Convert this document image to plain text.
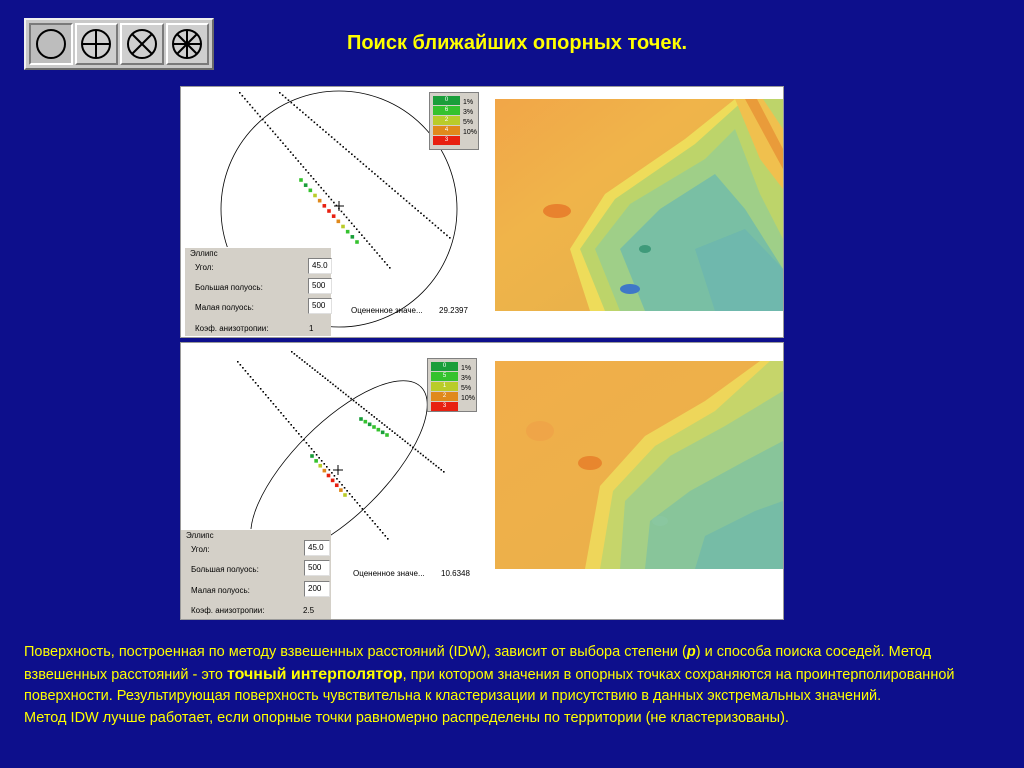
Поиск ближайших опорных точек.
0
6
2
4
3
1%
3%
5%
10%
Эллипс
Угол:	45.0
Большая полуось:	500
Малая полуось:	500
Коэф. анизотропии:	1
Оцененное значе... 29.2397
0
5
1
2
3
1%
3%
5%
10%
Эллипс
Угол:	45.0
Большая полуось:	500
Малая полуось:	200
Коэф. анизотропии:	2.5
Оцененное значе... 10.6348
Поверхность, построенная по методу взвешенных расстояний (IDW), зависит от выбора степени (p) и способа поиска соседей. Метод взвешенных расстояний - это точный интерполятор, при котором значения в опорных точках сохраняются на проинтерполированной поверхности. Результирующая поверхность чувствительна к кластеризации и присутствию в данных экстремальных значений.
Метод IDW лучше работает, если опорные точки равномерно распределены по территории (не кластеризованы).
